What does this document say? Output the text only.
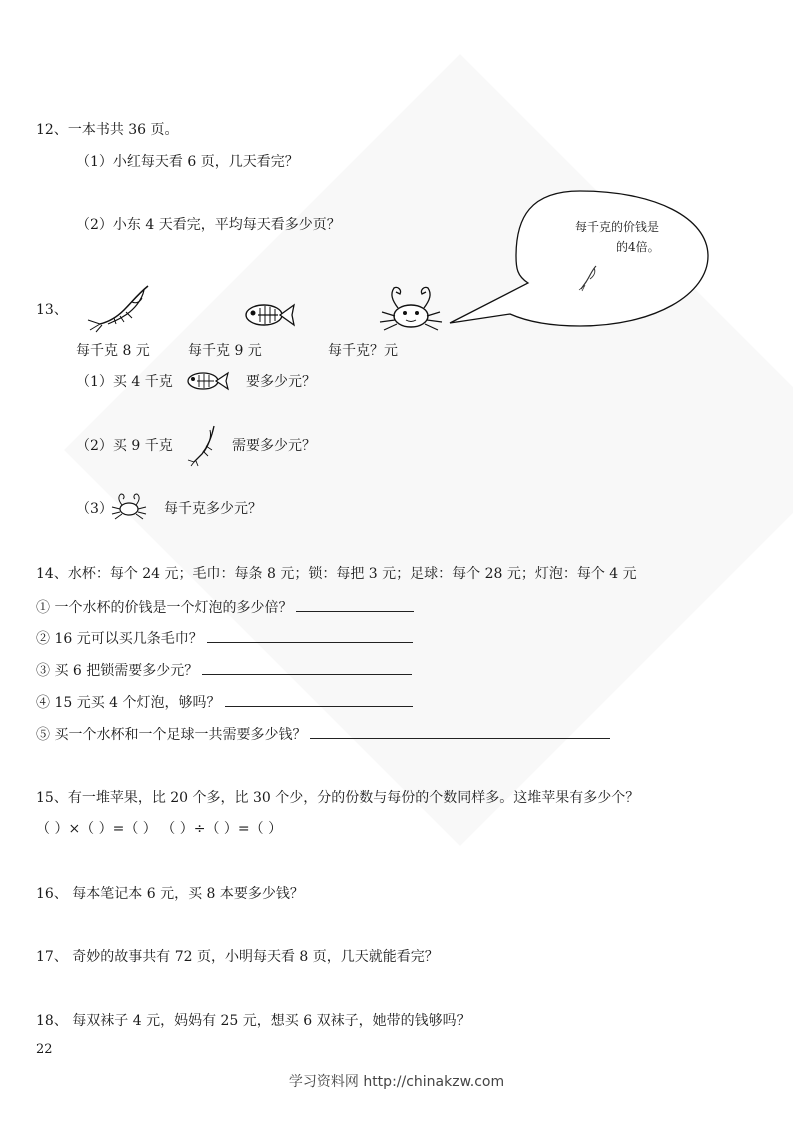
12、一本书共 36 页。
（1）小红每天看 6 页，几天看完？
（2）小东 4 天看完，平均每天看多少页？	每千克的价钱是
的4倍。
13、
每千克 8 元	每千克 9 元	每千克？元
（1）买 4 千克	要多少元？
（2）买 9 千克	需要多少元？
（3）	每千克多少元？
14、水杯：每个 24 元；毛巾：每条 8 元；锁：每把 3 元；足球：每个 28 元；灯泡：每个 4 元
① 一个水杯的价钱是一个灯泡的多少倍？
② 16 元可以买几条毛巾？
③ 买 6 把锁需要多少元？
④ 15 元买 4 个灯泡，够吗？
⑤ 买一个水杯和一个足球一共需要多少钱？
15、有一堆苹果，比 20 个多，比 30 个少，分的份数与每份的个数同样多。这堆苹果有多少个？
（ ）×（ ）=（ ） （ ）÷（ ）=（ ）
16、 每本笔记本 6 元，买 8 本要多少钱？
17、 奇妙的故事共有 72 页，小明每天看 8 页，几天就能看完？
18、 每双袜子 4 元，妈妈有 25 元，想买 6 双袜子，她带的钱够吗？
22
学习资料网 http://chinakzw.com
